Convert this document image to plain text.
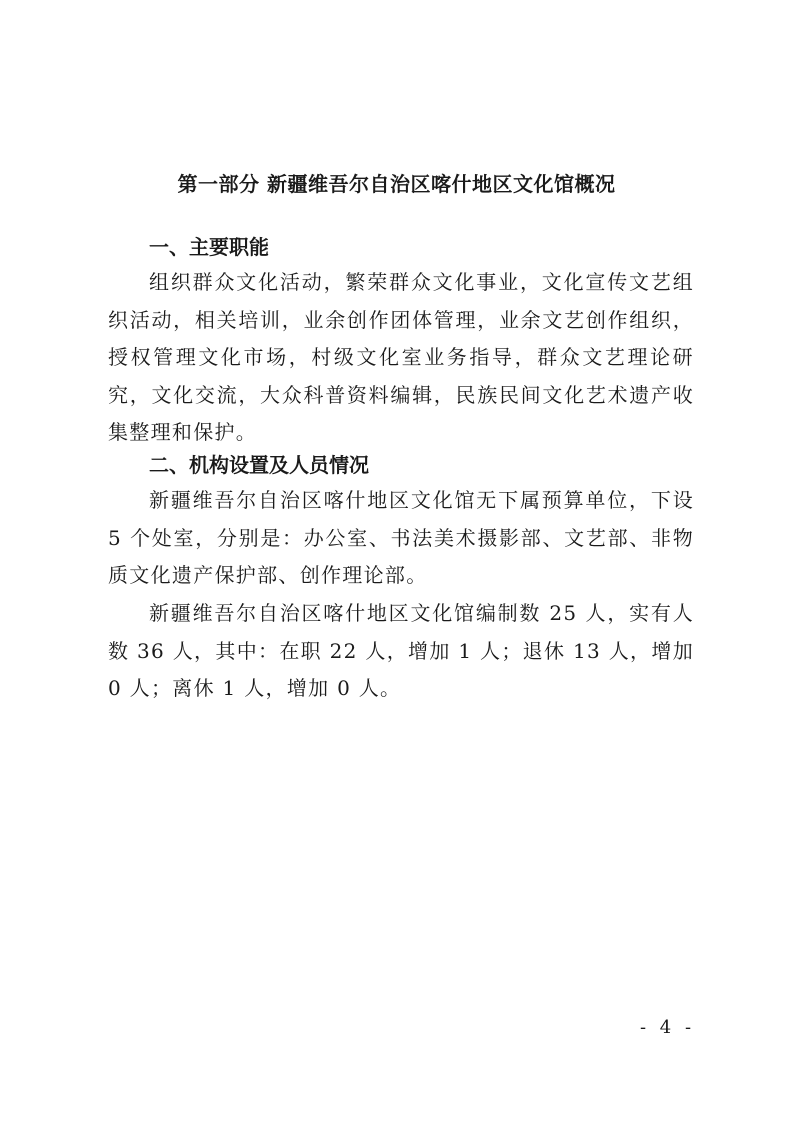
第一部分 新疆维吾尔自治区喀什地区文化馆概况
一、主要职能
组织群众文化活动，繁荣群众文化事业，文化宣传文艺组织活动，相关培训，业余创作团体管理，业余文艺创作组织，授权管理文化市场，村级文化室业务指导，群众文艺理论研究，文化交流，大众科普资料编辑，民族民间文化艺术遗产收集整理和保护。
二、机构设置及人员情况
新疆维吾尔自治区喀什地区文化馆无下属预算单位，下设 5 个处室，分别是：办公室、书法美术摄影部、文艺部、非物质文化遗产保护部、创作理论部。
新疆维吾尔自治区喀什地区文化馆编制数 25 人，实有人数 36 人，其中：在职 22 人，增加 1 人；退休 13 人，增加 0 人；离休 1 人，增加 0 人。
- 4 -
